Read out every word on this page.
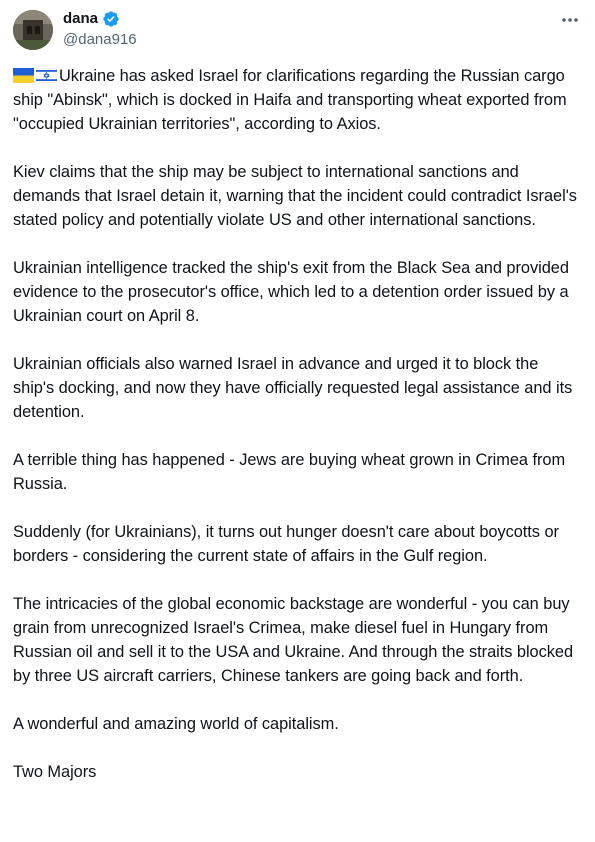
dana
@dana916

Ukraine has asked Israel for clarifications regarding the Russian cargo ship "Abinsk", which is docked in Haifa and transporting wheat exported from "occupied Ukrainian territories", according to Axios.

Kiev claims that the ship may be subject to international sanctions and demands that Israel detain it, warning that the incident could contradict Israel's stated policy and potentially violate US and other international sanctions.

Ukrainian intelligence tracked the ship's exit from the Black Sea and provided evidence to the prosecutor's office, which led to a detention order issued by a Ukrainian court on April 8.

Ukrainian officials also warned Israel in advance and urged it to block the ship's docking, and now they have officially requested legal assistance and its detention.

A terrible thing has happened - Jews are buying wheat grown in Crimea from Russia.

Suddenly (for Ukrainians), it turns out hunger doesn't care about boycotts or borders - considering the current state of affairs in the Gulf region.

The intricacies of the global economic backstage are wonderful - you can buy grain from unrecognized Israel's Crimea, make diesel fuel in Hungary from Russian oil and sell it to the USA and Ukraine. And through the straits blocked by three US aircraft carriers, Chinese tankers are going back and forth.

A wonderful and amazing world of capitalism.

Two Majors
